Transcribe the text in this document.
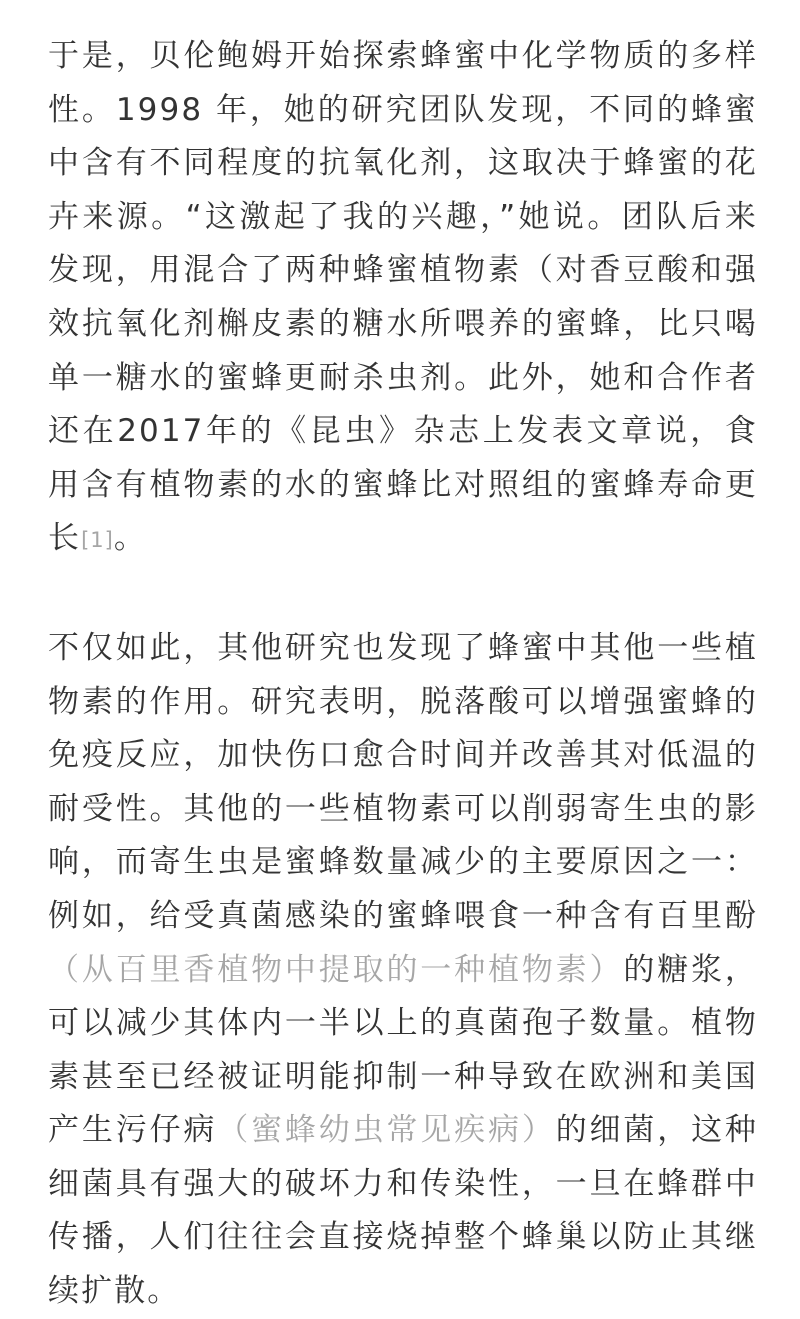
于是，贝伦鲍姆开始探索蜂蜜中化学物质的多样性。1998 年，她的研究团队发现，不同的蜂蜜中含有不同程度的抗氧化剂，这取决于蜂蜜的花卉来源。“这激起了我的兴趣，”她说。团队后来发现，用混合了两种蜂蜜植物素（对香豆酸和强效抗氧化剂槲皮素的糖水所喂养的蜜蜂，比只喝单一糖水的蜜蜂更耐杀虫剂。此外，她和合作者还在2017年的《昆虫》杂志上发表文章说，食用含有植物素的水的蜜蜂比对照组的蜜蜂寿命更长[1]。

不仅如此，其他研究也发现了蜂蜜中其他一些植物素的作用。研究表明，脱落酸可以增强蜜蜂的免疫反应，加快伤口愈合时间并改善其对低温的耐受性。其他的一些植物素可以削弱寄生虫的影响，而寄生虫是蜜蜂数量减少的主要原因之一：例如，给受真菌感染的蜜蜂喂食一种含有百里酚（从百里香植物中提取的一种植物素）的糖浆，可以减少其体内一半以上的真菌孢子数量。植物素甚至已经被证明能抑制一种导致在欧洲和美国产生污仔病（蜜蜂幼虫常见疾病）的细菌，这种细菌具有强大的破坏力和传染性，一旦在蜂群中传播，人们往往会直接烧掉整个蜂巢以防止其继续扩散。
